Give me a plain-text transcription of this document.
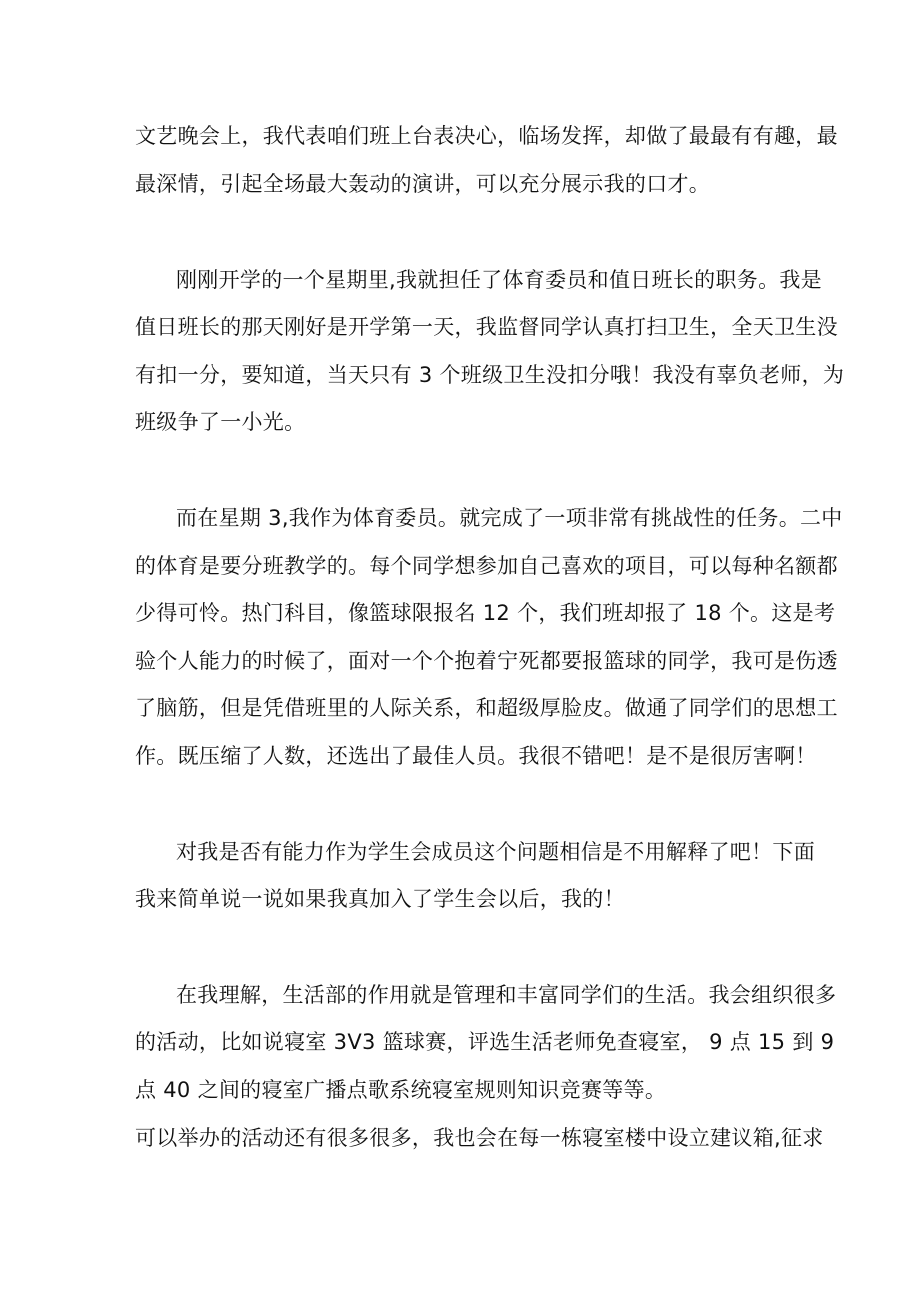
文艺晚会上，我代表咱们班上台表决心，临场发挥，却做了最最有有趣，最
最深情，引起全场最大轰动的演讲，可以充分展示我的口才。
刚刚开学的一个星期里,我就担任了体育委员和值日班长的职务。我是
值日班长的那天刚好是开学第一天，我监督同学认真打扫卫生，全天卫生没
有扣一分，要知道，当天只有 3 个班级卫生没扣分哦！我没有辜负老师，为
班级争了一小光。
而在星期 3,我作为体育委员。就完成了一项非常有挑战性的任务。二中
的体育是要分班教学的。每个同学想参加自己喜欢的项目，可以每种名额都
少得可怜。热门科目，像篮球限报名 12 个，我们班却报了 18 个。这是考
验个人能力的时候了，面对一个个抱着宁死都要报篮球的同学，我可是伤透
了脑筋，但是凭借班里的人际关系，和超级厚脸皮。做通了同学们的思想工
作。既压缩了人数，还选出了最佳人员。我很不错吧！是不是很厉害啊！
对我是否有能力作为学生会成员这个问题相信是不用解释了吧！下面
我来简单说一说如果我真加入了学生会以后，我的！
在我理解，生活部的作用就是管理和丰富同学们的生活。我会组织很多
的活动，比如说寝室 3V3 篮球赛，评选生活老师免查寝室， 9 点 15 到 9
点 40 之间的寝室广播点歌系统寝室规则知识竞赛等等。
可以举办的活动还有很多很多，我也会在每一栋寝室楼中设立建议箱,征求
